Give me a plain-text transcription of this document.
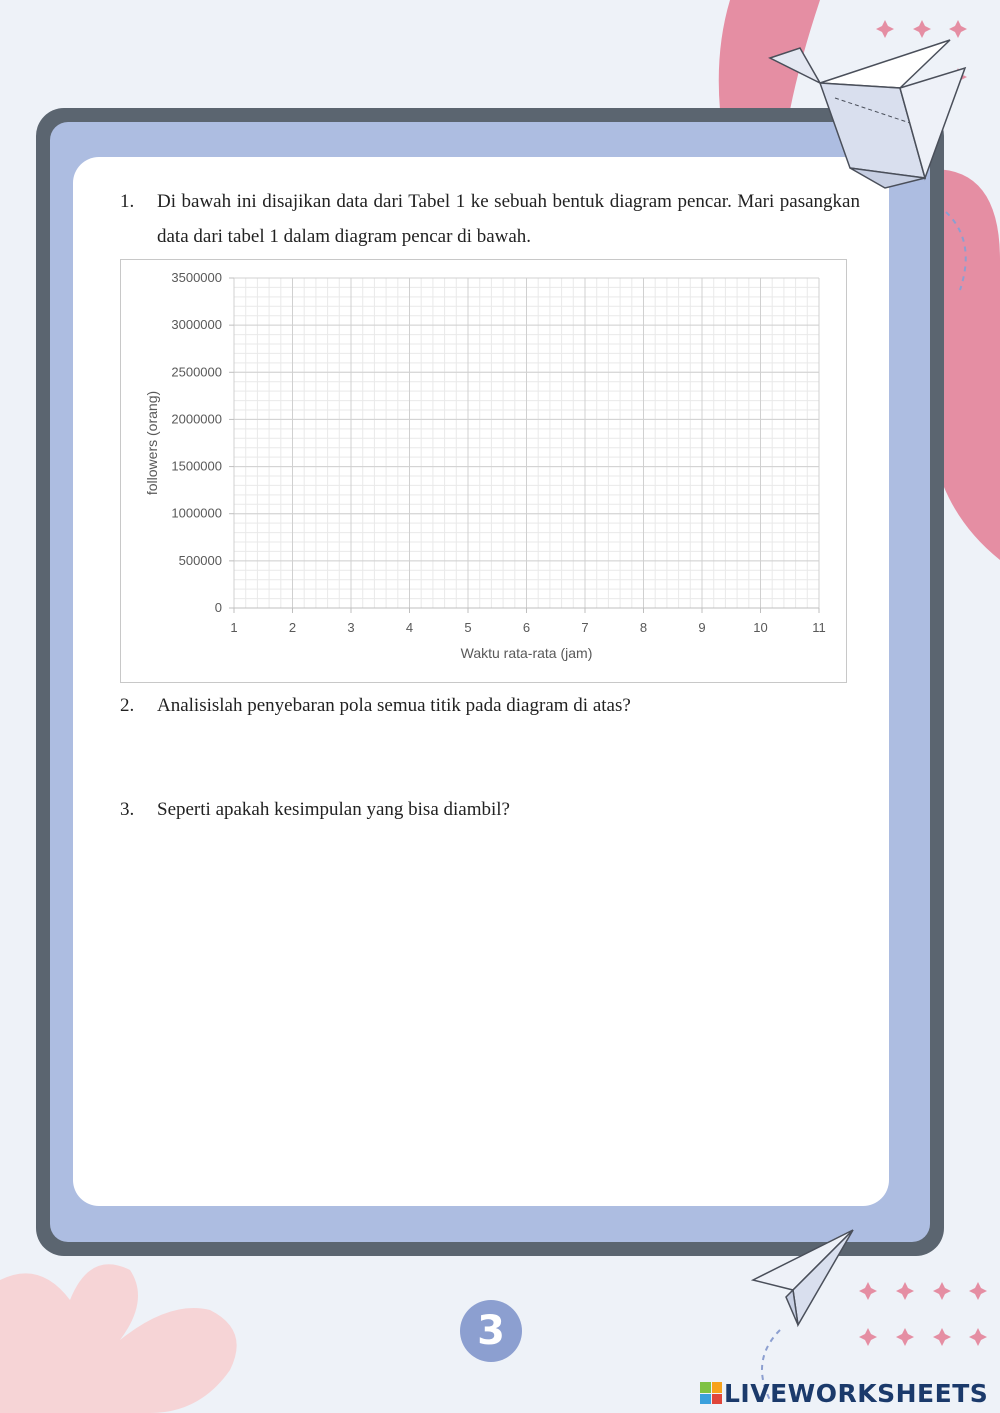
1. Di bawah ini disajikan data dari Tabel 1 ke sebuah bentuk diagram pencar. Mari pasangkan data dari tabel 1 dalam diagram pencar di bawah.
0
500000
1000000
1500000
2000000
2500000
3000000
3500000
1	2	3	4	5	6	7	8	9	10	11
Waktu rata-rata (jam)
followers (orang)
2. Analisislah penyebaran pola semua titik pada diagram di atas?
3. Seperti apakah kesimpulan yang bisa diambil?
3
LIVEWORKSHEETS
